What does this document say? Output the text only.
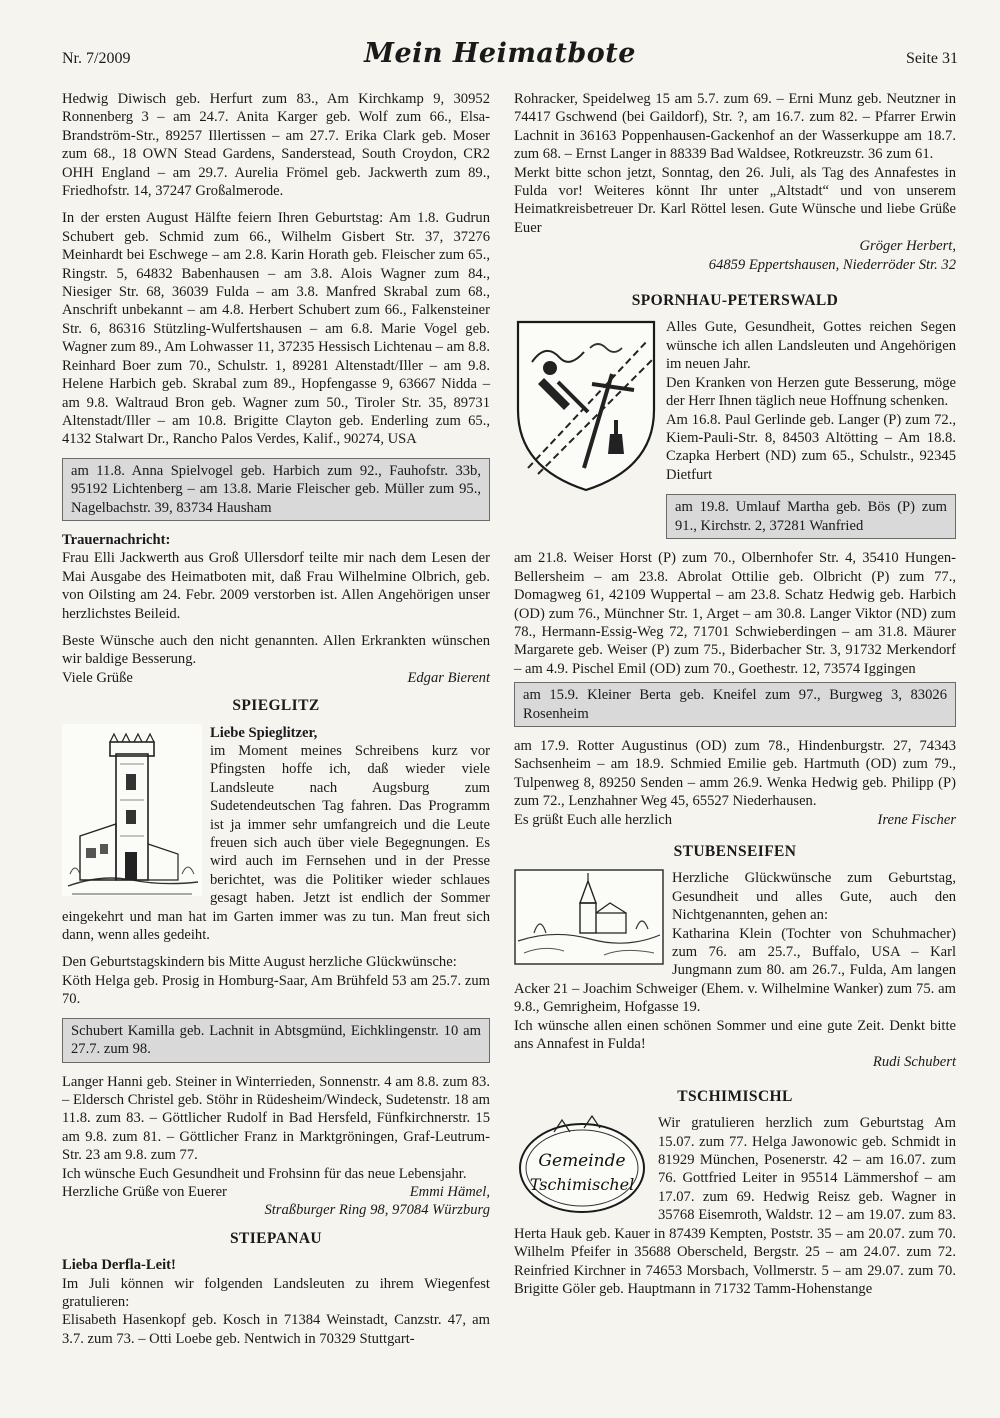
Nr. 7/2009	Mein Heimatbote	Seite 31

Hedwig Diwisch geb. Herfurt zum 83., Am Kirchkamp 9, 30952 Ronnenberg 3 – am 24.7. Anita Karger geb. Wolf zum 66., Elsa-Brandström-Str., 89257 Illertissen – am 27.7. Erika Clark geb. Moser zum 68., 18 OWN Stead Gardens, Sanderstead, South Croydon, CR2 OHH England – am 29.7. Aurelia Frömel geb. Jackwerth zum 89., Friedhofstr. 14, 37247 Großalmerode.

In der ersten August Hälfte feiern Ihren Geburtstag: Am 1.8. Gudrun Schubert geb. Schmid zum 66., Wilhelm Gisbert Str. 37, 37276 Meinhardt bei Eschwege – am 2.8. Karin Horath geb. Fleischer zum 65., Ringstr. 5, 64832 Babenhausen – am 3.8. Alois Wagner zum 84., Niesiger Str. 68, 36039 Fulda – am 3.8. Manfred Skrabal zum 68., Anschrift unbekannt – am 4.8. Herbert Schubert zum 66., Falkensteiner Str. 6, 86316 Stützling-Wulfertshausen – am 6.8. Marie Vogel geb. Wagner zum 89., Am Lohwasser 11, 37235 Hessisch Lichtenau – am 8.8. Reinhard Boer zum 70., Schulstr. 1, 89281 Altenstadt/Iller – am 9.8. Helene Harbich geb. Skrabal zum 89., Hopfengasse 9, 63667 Nidda – am 9.8. Waltraud Bron geb. Wagner zum 50., Tiroler Str. 35, 89731 Altenstadt/Iller – am 10.8. Brigitte Clayton geb. Enderling zum 65., 4132 Stalwart Dr., Rancho Palos Verdes, Kalif., 90274, USA

am 11.8. Anna Spielvogel geb. Harbich zum 92., Fauhofstr. 33b, 95192 Lichtenberg – am 13.8. Marie Fleischer geb. Müller zum 95., Nagelbachstr. 39, 83734 Hausham

Trauernachricht:

Frau Elli Jackwerth aus Groß Ullersdorf teilte mir nach dem Lesen der Mai Ausgabe des Heimatboten mit, daß Frau Wilhelmine Olbrich, geb. von Oilsting am 24. Febr. 2009 verstorben ist. Allen Angehörigen unser herzlichstes Beileid.

Beste Wünsche auch den nicht genannten. Allen Erkrankten wünschen wir baldige Besserung.

Viele Grüße	Edgar Bierent
SPIEGLITZ

Liebe Spieglitzer,

im Moment meines Schreibens kurz vor Pfingsten hoffe ich, daß wieder viele Landsleute nach Augsburg zum Sudetendeutschen Tag fahren. Das Programm ist ja immer sehr umfangreich und die Leute freuen sich auch über viele Begegnungen. Es wird auch im Fernsehen und in der Presse berichtet, was die Politiker wieder schlaues gesagt haben. Jetzt ist endlich der Sommer eingekehrt und man hat im Garten immer was zu tun. Man freut sich dann, wenn alles gedeiht.

Den Geburtstagskindern bis Mitte August herzliche Glückwünsche:

Köth Helga geb. Prosig in Homburg-Saar, Am Brühfeld 53 am 25.7. zum 70.

Schubert Kamilla geb. Lachnit in Abtsgmünd, Eichklingenstr. 10 am 27.7. zum 98.

Langer Hanni geb. Steiner in Winterrieden, Sonnenstr. 4 am 8.8. zum 83. – Eldersch Christel geb. Stöhr in Rüdesheim/Windeck, Sudetenstr. 18 am 11.8. zum 83. – Göttlicher Rudolf in Bad Hersfeld, Fünfkirchnerstr. 15 am 9.8. zum 81. – Göttlicher Franz in Marktgröningen, Graf-Leutrum-Str. 23 am 9.8. zum 77.

Ich wünsche Euch Gesundheit und Frohsinn für das neue Lebensjahr.

Herzliche Grüße von Euerer	Emmi Hämel,
Straßburger Ring 98, 97084 Würzburg
STIEPANAU

Lieba Derfla-Leit!

Im Juli können wir folgenden Landsleuten zu ihrem Wiegenfest gratulieren:

Elisabeth Hasenkopf geb. Kosch in 71384 Weinstadt, Canzstr. 47, am 3.7. zum 73. – Otti Loebe geb. Nentwich in 70329 Stuttgart-

Rohracker, Speidelweg 15 am 5.7. zum 69. – Erni Munz geb. Neutzner in 74417 Gschwend (bei Gaildorf), Str. ?, am 16.7. zum 82. – Pfarrer Erwin Lachnit in 36163 Poppenhausen-Gackenhof an der Wasserkuppe am 18.7. zum 68. – Ernst Langer in 88339 Bad Waldsee, Rotkreuzstr. 36 zum 61.

Merkt bitte schon jetzt, Sonntag, den 26. Juli, als Tag des Annafestes in Fulda vor! Weiteres könnt Ihr unter „Altstadt“ und von unserem Heimatkreisbetreuer Dr. Karl Röttel lesen. Gute Wünsche und liebe Grüße Euer

Gröger Herbert,
64859 Eppertshausen, Niederröder Str. 32
SPORNHAU-PETERSWALD

Alles Gute, Gesundheit, Gottes reichen Segen wünsche ich allen Landsleuten und Angehörigen im neuen Jahr.

Den Kranken von Herzen gute Besserung, möge der Herr Ihnen täglich neue Hoffnung schenken.

Am 16.8. Paul Gerlinde geb. Langer (P) zum 72., Kiem-Pauli-Str. 8, 84503 Altötting – Am 18.8. Czapka Herbert (ND) zum 65., Schulstr., 92345 Dietfurt

am 19.8. Umlauf Martha geb. Bös (P) zum 91., Kirchstr. 2, 37281 Wanfried

am 21.8. Weiser Horst (P) zum 70., Olbernhofer Str. 4, 35410 Hungen-Bellersheim – am 23.8. Abrolat Ottilie geb. Olbricht (P) zum 77., Domagweg 61, 42109 Wuppertal – am 23.8. Schatz Hedwig geb. Harbich (OD) zum 76., Münchner Str. 1, Arget – am 30.8. Langer Viktor (ND) zum 78., Hermann-Essig-Weg 72, 71701 Schwieberdingen – am 31.8. Mäurer Margarete geb. Weiser (P) zum 75., Biderbacher Str. 3, 91732 Merkendorf – am 4.9. Pischel Emil (OD) zum 70., Goethestr. 12, 73574 Iggingen

am 15.9. Kleiner Berta geb. Kneifel zum 97., Burgweg 3, 83026 Rosenheim

am 17.9. Rotter Augustinus (OD) zum 78., Hindenburgstr. 27, 74343 Sachsenheim – am 18.9. Schmied Emilie geb. Hartmuth (OD) zum 79., Tulpenweg 8, 89250 Senden – amm 26.9. Wenka Hedwig geb. Philipp (P) zum 72., Lenzhahner Weg 45, 65527 Niederhausen.

Es grüßt Euch alle herzlich	Irene Fischer
STUBENSEIFEN

Herzliche Glückwünsche zum Geburtstag, Gesundheit und alles Gute, auch den Nichtgenannten, gehen an:

Katharina Klein (Tochter von Schuhmacher) zum 76. am 25.7., Buffalo, USA – Karl Jungmann zum 80. am 26.7., Fulda, Am langen Acker 21 – Joachim Schweiger (Ehem. v. Wilhelmine Wanker) zum 75. am 9.8., Gemrigheim, Hofgasse 19.

Ich wünsche allen einen schönen Sommer und eine gute Zeit. Denkt bitte ans Annafest in Fulda!

Rudi Schubert
TSCHIMISCHL
Gemeinde
Tschimischel

Wir gratulieren herzlich zum Geburtstag Am 15.07. zum 77. Helga Jawonowic geb. Schmidt in 81929 München, Posenerstr. 42 – am 16.07. zum 76. Gottfried Leiter in 95514 Lämmershof – am 17.07. zum 69. Hedwig Reisz geb. Wagner in 35768 Eisemroth, Waldstr. 12 – am 19.07. zum 83. Herta Hauk geb. Kauer in 87439 Kempten, Poststr. 35 – am 20.07. zum 70. Wilhelm Pfeifer in 35688 Oberscheld, Bergstr. 25 – am 24.07. zum 72. Reinfried Kirchner in 74653 Morsbach, Vollmerstr. 5 – am 29.07. zum 70. Brigitte Göler geb. Hauptmann in 71732 Tamm-Hohenstange
